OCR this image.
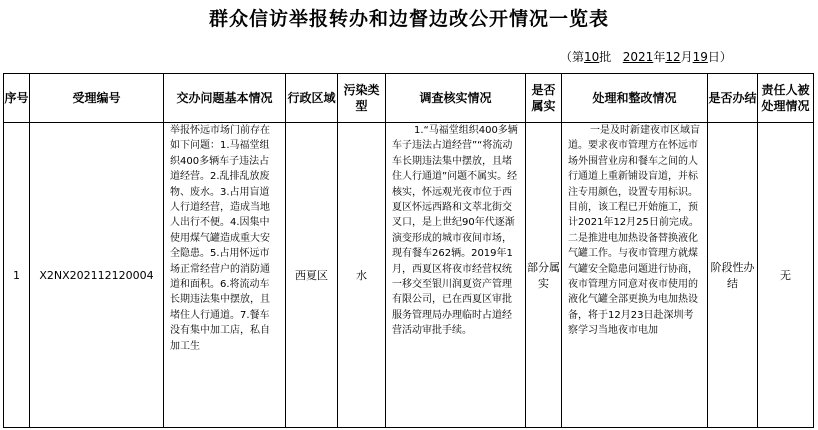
群众信访举报转办和边督边改公开情况一览表
（第10批 2021年12月19日）
序号	受理编号	交办问题基本情况	行政区域	污染类型	调查核实情况	是否属实	处理和整改情况	是否办结	责任人被处理情况
1	X2NX202112120004	举报怀远市场门前存在如下问题：1.马福堂组织400多辆车子违法占道经营。2.乱排乱放废物、废水。3.占用盲道人行道经营，造成当地人出行不便。4.因集中使用煤气罐造成重大安全隐患。5.占用怀远市场正常经营户的消防通道和面积。6.将流动车长期违法集中摆放，且堵住人行通道。7.餐车没有集中加工店，私自加工生	西夏区	水	1.“马福堂组织400多辆车子违法占道经营”“将流动车长期违法集中摆放，且堵住人行通道”问题不属实。经核实，怀远观光夜市位于西夏区怀远西路和文萃北街交叉口，是上世纪90年代逐渐演变形成的城市夜间市场，现有餐车262辆。2019年1月，西夏区将夜市经营权统一移交至银川润夏资产管理有限公司，已在西夏区审批服务管理局办理临时占道经营活动审批手续。	部分属实	一是及时新建夜市区域盲道。要求夜市管理方在怀远市场外围营业房和餐车之间的人行通道上重新铺设盲道，并标注专用颜色，设置专用标识。目前，该工程已开始施工，预计2021年12月25日前完成。二是推进电加热设备替换液化气罐工作。与夜市管理方就煤气罐安全隐患问题进行协商，夜市管理方同意对夜市使用的液化气罐全部更换为电加热设备，将于12月23日赴深圳考察学习当地夜市电加	阶段性办结	无
